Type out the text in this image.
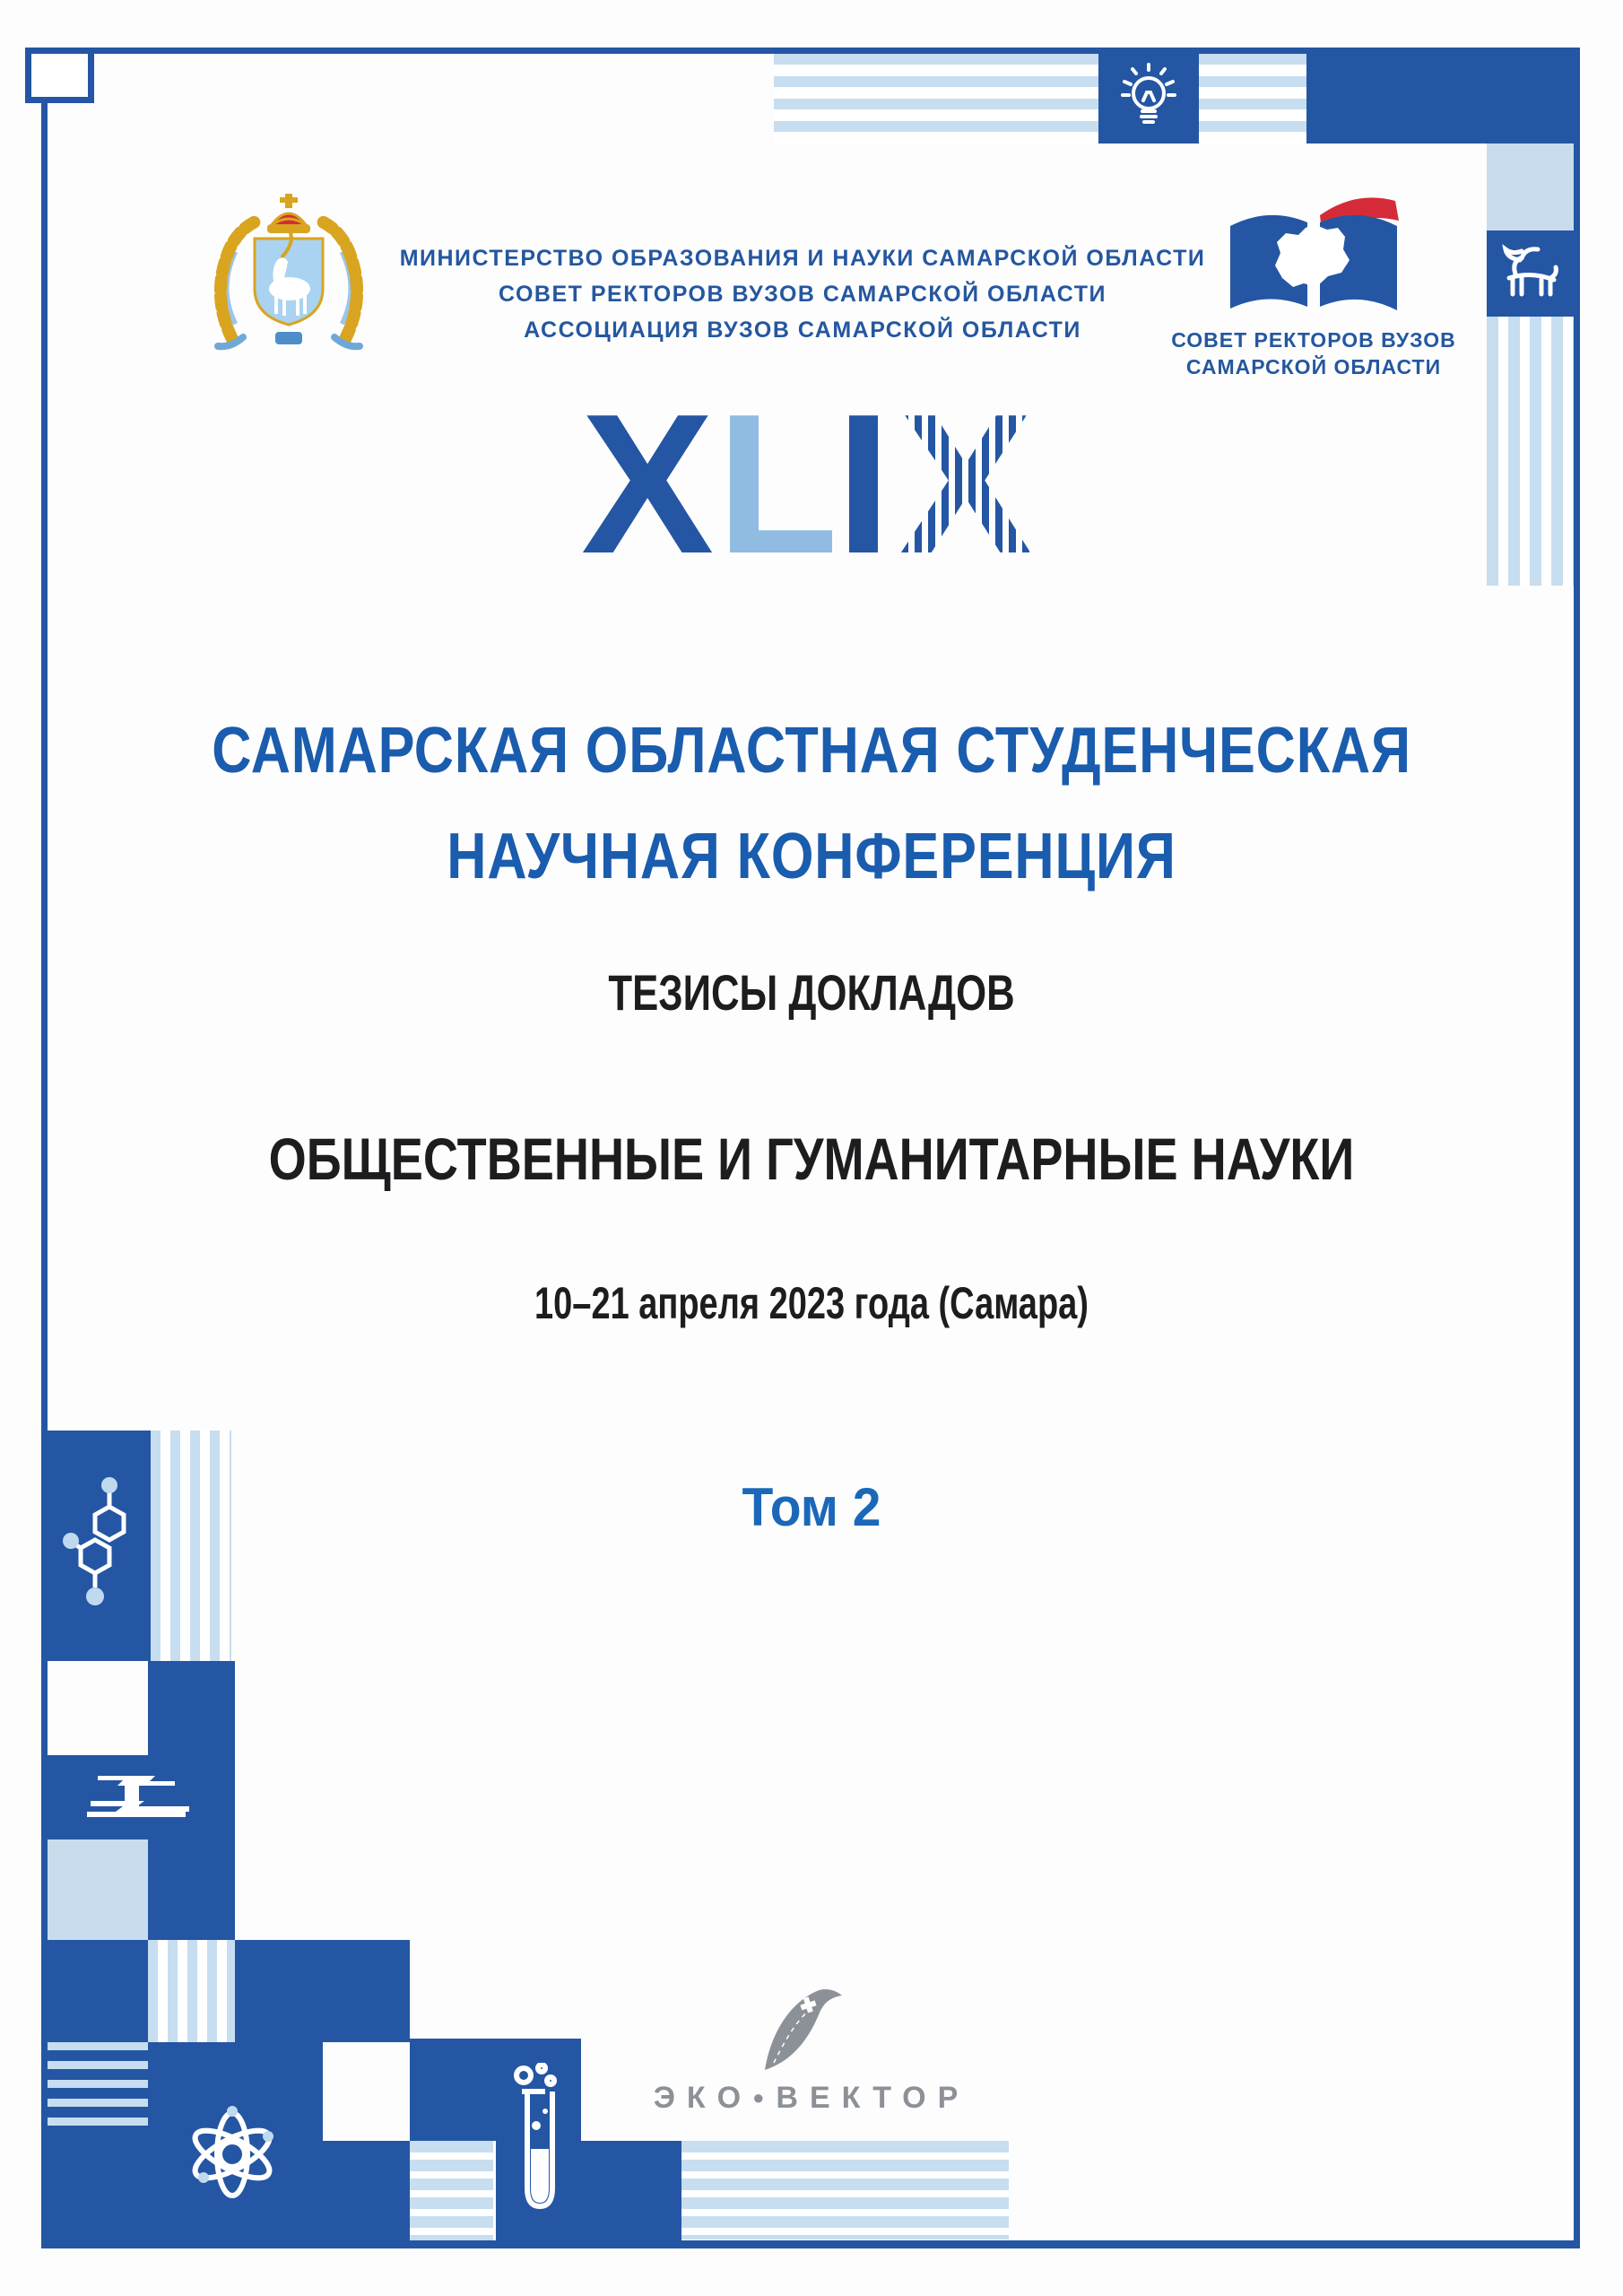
МИНИСТЕРСТВО ОБРАЗОВАНИЯ И НАУКИ САМАРСКОЙ ОБЛАСТИ
СОВЕТ РЕКТОРОВ ВУЗОВ САМАРСКОЙ ОБЛАСТИ
АССОЦИАЦИЯ ВУЗОВ САМАРСКОЙ ОБЛАСТИ	СОВЕТ РЕКТОРОВ ВУЗОВ
САМАРСКОЙ ОБЛАСТИ
X L
I X
САМАРСКАЯ ОБЛАСТНАЯ СТУДЕНЧЕСКАЯ
НАУЧНАЯ КОНФЕРЕНЦИЯ
ТЕЗИСЫ ДОКЛАДОВ
ОБЩЕСТВЕННЫЕ И ГУМАНИТАРНЫЕ НАУКИ
10–21 апреля 2023 года (Самара)
Том 2
ЭКО●ВЕКТОР
